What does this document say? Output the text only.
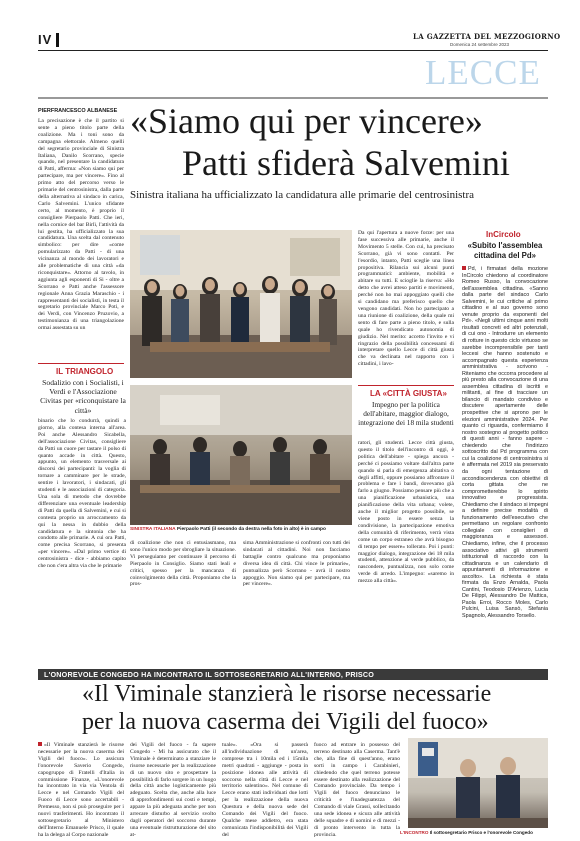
IV	LA GAZZETTA DEL MEZZOGIORNO
Domenica 24 settembre 2023
LECCE
PIERFRANCESCO ALBANESE «Siamo qui per vincere»
Patti sfiderà Salvemini
Sinistra italiana ha ufficializzato la candidatura alle primarie del centrosinistra
La precisazione è che il partito si sente a pieno titolo parte della coalizione. Ma i toni sono da campagna elettorale. Almeno quelli del segretario provinciale di Sinistra Italiana, Danilo Scorrano, specie quando, nel presentare la candidatura di Patti, afferma: «Non siamo qui per partecipare, ma per vincere». Fino al primo atto del percorso verso le primarie del centrosinistra, dalla parte della alternativa al sindaco in carica, Carlo Salvemini. L'unico sfidante certo, al momento, è proprio il consigliere Pierpaolo Patti. Che ieri, nella cornice del bar Birlì, l'attività da lui gestita, ha ufficializzato la sua candidatura. Una scelta dal contenuto simbolico: per dire «come pomularizzato da Patti - di una vicinanza al mondo dei lavoratori e alle problematiche di una città «da riconquistare». Attorno al tavolo, in aggiunta agli esponenti di Si - oltre a Scorrano e Patti anche l'assessore regionale Anna Grazia Maraschio - i rappresentanti dei socialisti, in testa il segretario provinciale Marco Poti, e dei Verdi, con Vincenzo Pruzovio, a testimonianza di una triangolazione ormai assestata su un
Da qui l'apertura a nuove forze: per una fase successiva alle primarie, anche il Movimento 5 stelle. Con cui, ha precisato Scorrano, già vi sono contatti. Per l'esordio, intanto, Patti sceglie una linea propositiva. Rilancia sui alcuni punti programmatici: ambiente, mobilità e abitare su tutti. E scioglie la riserva: «Ho detto che avrei atteso partiti e movimenti, perché non ho mai appoggiato quelli che si candidano ma preferisco quello che vengono candidati. Non ho partecipato a una riunione di coalizione, della quale mi sento di fare parte a pieno titolo, e sulla quale ho rivendicato autonomia di giudizio. Nel merito: accetto l'invito e vi ringrazio della possibilità concessami di interpretare quello Lecce di città giusta che va declinata nel rapporto con i cittadini, i lavo-
IL TRIANGOLO
Sodalizio con i Socialisti, i Verdi e l'Associazione Civitas per «riconquistare la città»
binario che lo condurrà, quindi a giorno, alla contesa interna all'area. Poi anche Alessandro Sicabella, dell'associazione Civitas, consigliere da Patti un cuore per tastare il polso di quanto accade in città. Questo, appunto, un elemento trasversale ai discorsi dei partecipanti: la voglia di tornare a camminare per le strade, sentire i lavoratori, i sindacati, gli studenti e le associazioni di categoria. Una sola di metodo che dovrebbe differenziare una eventuale leadership di Patti da quella di Salvemini, e cui si contesta proprio un arroccamento da qui la nessa in dubbio della candidatura e la sintonia che ha condotto alle primarie. A cui ora Patti, come precisa Scorrano, si presenta «per vincere». «Dal primo vertice di centrosinistra - dice - abbiamo capito che non c'era altra via che le primarie
SINISTRA ITALIANA Pierpaolo Patti (il secondo da destra nella foto in alto) è in campo
LA «CITTÀ GIUSTA»
Impegno per la politica dell'abitare, maggior dialogo, integrazione dei 18 mila studenti
ratori, gli studenti. Lecce città giusta, questo il titolo dell'incontro di oggi, è politica dell'abitare - spiega ancora - perché ci possiamo voltare dall'altra parte quando si parla di emergenza abitativa o degli affitti, oppure possiamo affrontare il problema e fare i bandi, dovevamo già farlo a giugno. Possiamo pensare più che a una pianificazione urbanistica, una pianificazione della vita urbana; volete, anche il miglior progetto possibile, se viene posto in essere senza la condivisione, la partecipazione emotiva della comunità di riferimento, verrà vista come un corpo estraneo che avrà bisogno di tempo per essere» tollerato. Poi i punti: maggior dialogo, integrazione dei 18 mila studenti, attenzione al verde pubblico, da nascondere, puntualizza, non solo come verde di arredo. L'impegno: «saremo in mezzo alla città».
di coalizione che non ci entusiasmano, ma sono l'unico modo per sbrogliare la situazione. Vi perseguiamo per continuare il percorso di Pierpaolo in Consiglio. Siamo stati leali e critici, spesso per la mancanza di coinvolgimento della città. Proponiamo che la pros-
sima Amministrazione si confronti con tutti dei sindacati al cittadini. Noi non facciamo battaglie contro qualcuno ma proponiamo diversa idea di città. Chi vince le primarie», puntualizza però Scorrano - avrà il nostro appoggio. Non siamo qui per partecipare, ma per vincere».
InCircolo
«Subito l'assemblea cittadina del Pd»
Pd, i firmatari della mozione InCircolo chiedono al coordinatore Romeo Russo, la convocazione dell'assemblea cittadina. «Sanno dalla parte del sindaco Carlo Salvemini, le cui critiche al primo cittadino e al suo governo sono venute proprio da esponenti del Pd». «Negli ultimi cinque anni molti risultati concreti ed altri potenziali, di cui ono - Introdurre un elemento di rotture in questo ciclo virtuoso se sarebbe incomprensibile per tanti leccesi che hanno sostenuto e accompagnato questa esperienza amministrativa - scrivono - Riteniamo che occorra procedere al più presto alla convocazione di una assemblea cittadina di iscritti e militanti, al fine di tracciare un bilancio di mandato condiviso e discutere apertamente delle prospettive che si aprono per le elezioni amministrative 2024. Per quanto ci riguarda, confermiamo il nostro sostegno al progetto politico di questi anni - fanno sapere - chiedendo che l'indirizzo sottoscritto dal Pd programma con cui la coalizione di centrosinistra si è affermata nel 2019 sia preservato da ogni tentazione di accondiscendenza con obiettivi di corta gittata che ne comprometterebbe lo spirito innovativo e progressista. Chiediamo che il sindaco si impegni a definire precise modalità di funzionamento dell'esecutivo che permettano un regolare confronto collegiale con consiglieri di maggioranza e assessori. Chiediamo, infine, che il processo associativo attivi gli strumenti istituzionali di raccordo con la cittadinanza e un calendario di appuntamenti di informazione e ascolto». La richiesta è stata firmata da Enzo Arnalda, Paola Cantini, Teodosio D'Arienzo, Lucia De Filippi, Alessandro De Mattica, Paola Erroi, Rocco Moles, Carlo Pulcini, Luisa Sansò, Stefania Spagnolo, Alessandro Torsello.
L'ONOREVOLE CONGEDO HA INCONTRATO IL SOTTOSEGRETARIO ALL'INTERNO, PRISCO
«Il Viminale stanzierà le risorse necessarie
per la nuova caserma dei Vigili del fuoco»
«Il Viminale stanzierà le risorse necessarie per la nuova caserma dei Vigili del fuoco». Lo assicura l'onorevole Saverio Congedo, capogruppo di Fratelli d'Italia in commissione Finanze, «L'onorevole ha incontrato in via via Ventola di Lecce e nel Comando Vigili del Fuoco di Lecce sono accertabili - Premesso, non si può proseguire per i nuovi trasferimenti. Ho incontrato il sottosegretario al Ministero dell'Interno Emanuele Prisco, il quale ha la delega al Corpo nazionale
dei Vigili del fuoco - fa sapere Congedo - Mi ha assicurato che il Viminale è determinato a stanziare le risorse necessarie per la realizzazione di un nuovo sito e prospettare la possibilità di farlo sorgere in un luogo della città anche logisticamente più adeguato. Scelta che, anche alla luce di approfondimenti sui costi e tempi, appare la più adeguata anche per non arrecare disturbo al servizio svolto dagli operatori del soccorso durante una eventuale ristrutturazione del sito at-
tuale». «Ora si passerà all'individuazione di un'area, comprese tra i 10mila ed i 15mila metri quadrati - aggiunge - posta in posizione idonea alle attività di soccorso nella città di Lecce e nel territorio salentino». Nel comune di Lecce erano stati individuati due lotti per la realizzazione della nuova Questura e della nuova sede del Comando dei Vigili del fuoco. Qualche mese addietro, era stata comunicata l'indisponibilità dei Vigili del
fuoco ad entrare in possesso del terreno destinato alla Caserma. Tant'è che, alla fine di quest'anno, erano sorti in campo i Carabinieri, chiedendo che quel terreno potesse essere destinato alla realizzazione del Comando provinciale. Da tempo i Vigili del fuoco denunciano le criticità e l'inadeguatezza del Comando di viale Grassi, sollecitando una sede idonea e sicura alle attività delle squadre e di uomini e di mezzi - di pronto intervento in tutta la provincia.	L'INCONTRO Il sottosegretario Prisco e l'onorevole Congedo
